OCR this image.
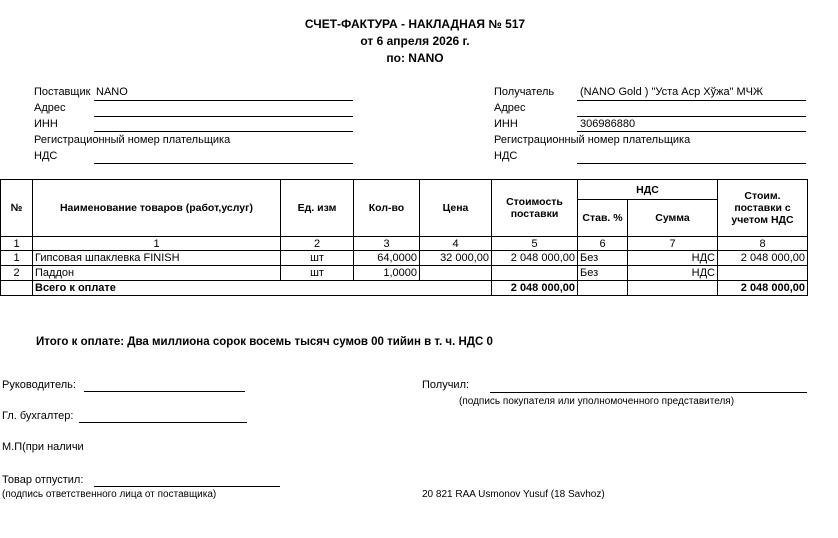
СЧЕТ-ФАКТУРА - НАКЛАДНАЯ № 517
от 6 апреля 2026 г.
по: NANO
Поставщик NANO
Адрес
ИНН
Регистрационный номер плательщика
НДС
Получатель (NANO Gold ) "Уста Аср Хўжа" МЧЖ
Адрес
ИНН	306986880
Регистрационный номер плательщика
НДС
№	Наименование товаров (работ,услуг)	Ед. изм	Кол-во	Цена	Стоимость поставки	НДС		Стоим. поставки с учетом НДС
						Став. %	Сумма	
1	1	2	3	4	5	6	7	8
1	Гипсовая шпаклевка FINISH	шт	64,0000	32 000,00	2 048 000,00	Без	НДС	2 048 000,00
2	Паддон	шт	1,0000			Без	НДС	
	Всего к оплате				2 048 000,00			2 048 000,00
Итого к оплате: Два миллиона сорок восемь тысяч сумов 00 тийин в т. ч. НДС 0
Руководитель:
Гл. бухгалтер:
М.П(при наличи
Товар отпустил:
(подпись ответственного лица от поставщика)
Получил:
(подпись покупателя или уполномоченного представителя)
20 821 RAA Usmonov Yusuf (18 Savhoz)
